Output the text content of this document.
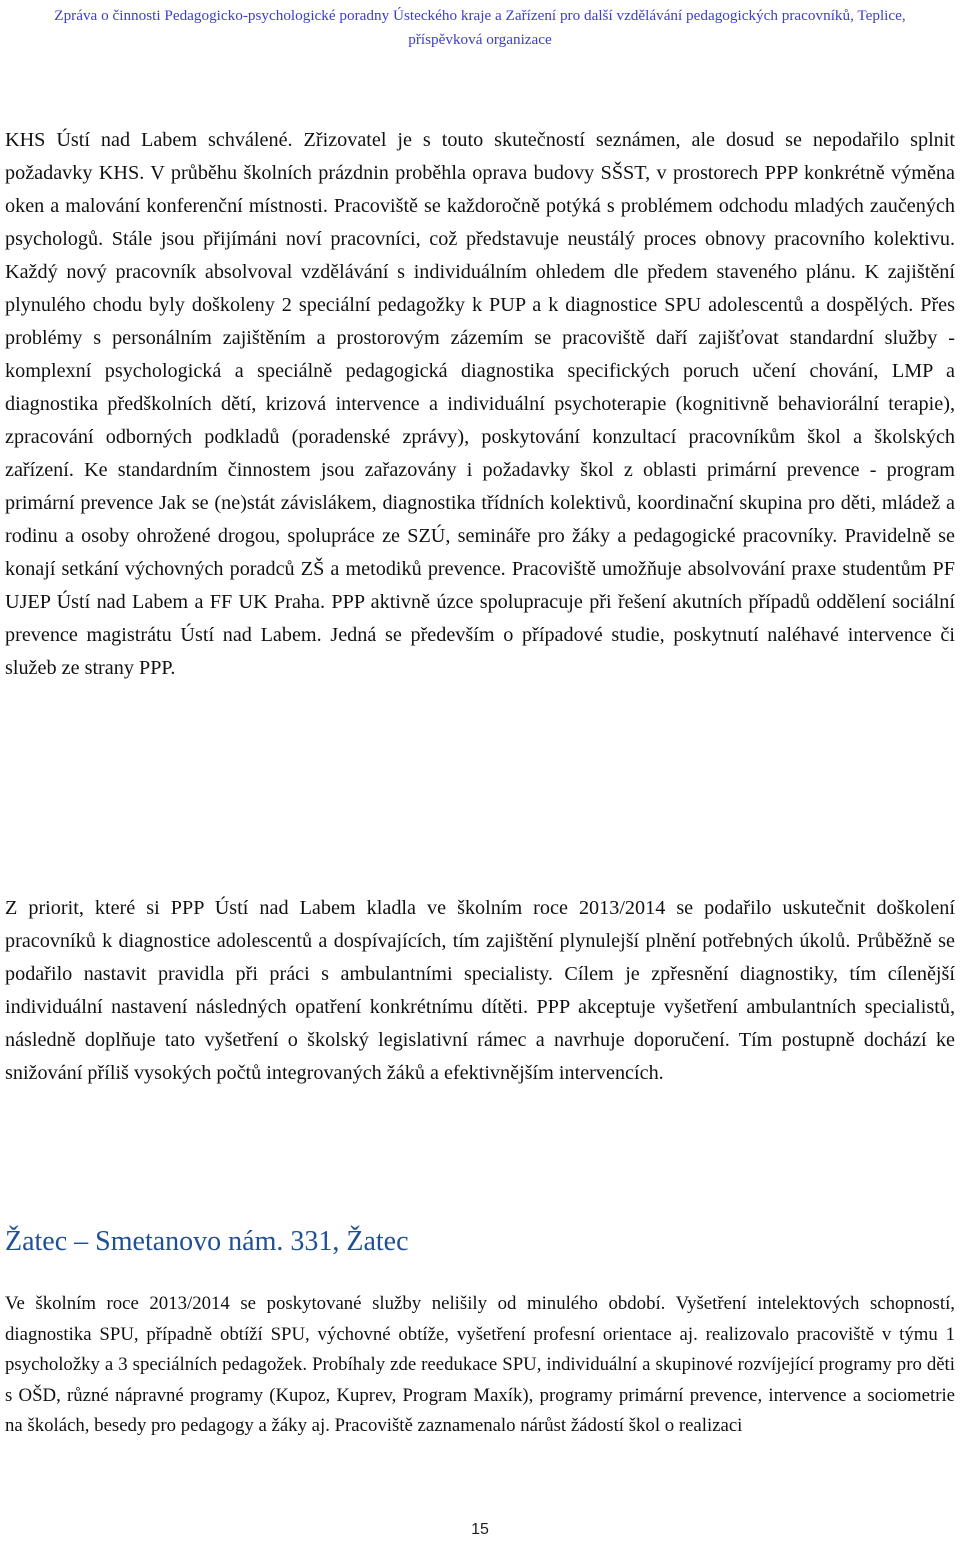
Zpráva o činnosti Pedagogicko-psychologické poradny Ústeckého kraje a Zařízení pro další vzdělávání pedagogických pracovníků, Teplice,
příspěvková organizace

KHS Ústí nad Labem schválené. Zřizovatel je s touto skutečností seznámen, ale dosud se nepodařilo splnit požadavky KHS. V průběhu školních prázdnin proběhla oprava budovy SŠST, v prostorech PPP konkrétně výměna oken a malování konferenční místnosti. Pracoviště se každoročně potýká s problémem odchodu mladých zaučených psychologů. Stále jsou přijímáni noví pracovníci, což představuje neustálý proces obnovy pracovního kolektivu. Každý nový pracovník absolvoval vzdělávání s individuálním ohledem dle předem staveného plánu. K zajištění plynulého chodu byly doškoleny 2 speciální pedagožky k PUP a k diagnostice SPU adolescentů a dospělých. Přes problémy s personálním zajištěním a prostorovým zázemím se pracoviště daří zajišťovat standardní služby - komplexní psychologická a speciálně pedagogická diagnostika specifických poruch učení chování, LMP a diagnostika předškolních dětí, krizová intervence a individuální psychoterapie (kognitivně behaviorální terapie), zpracování odborných podkladů (poradenské zprávy), poskytování konzultací pracovníkům škol a školských zařízení. Ke standardním činnostem jsou zařazovány i požadavky škol z oblasti primární prevence - program primární prevence Jak se (ne)stát závislákem, diagnostika třídních kolektivů, koordinační skupina pro děti, mládež a rodinu a osoby ohrožené drogou, spolupráce ze SZÚ, semináře pro žáky a pedagogické pracovníky. Pravidelně se konají setkání výchovných poradců ZŠ a metodiků prevence. Pracoviště umožňuje absolvování praxe studentům PF UJEP Ústí nad Labem a FF UK Praha. PPP aktivně úzce spolupracuje při řešení akutních případů oddělení sociální prevence magistrátu Ústí nad Labem. Jedná se především o případové studie, poskytnutí naléhavé intervence či služeb ze strany PPP.

Z priorit, které si PPP Ústí nad Labem kladla ve školním roce 2013/2014 se podařilo uskutečnit doškolení pracovníků k diagnostice adolescentů a dospívajících, tím zajištění plynulejší plnění potřebných úkolů. Průběžně se podařilo nastavit pravidla při práci s ambulantními specialisty. Cílem je zpřesnění diagnostiky, tím cílenější individuální nastavení následných opatření konkrétnímu dítěti. PPP akceptuje vyšetření ambulantních specialistů, následně doplňuje tato vyšetření o školský legislativní rámec a navrhuje doporučení. Tím postupně dochází ke snižování příliš vysokých počtů integrovaných žáků a efektivnějším intervencích.

Žatec – Smetanovo nám. 331, Žatec

Ve školním roce 2013/2014 se poskytované služby nelišily od minulého období. Vyšetření intelektových schopností, diagnostika SPU, případně obtíží SPU, výchovné obtíže, vyšetření profesní orientace aj. realizovalo pracoviště v týmu 1 psycholožky a 3 speciálních pedagožek. Probíhaly zde reedukace SPU, individuální a skupinové rozvíjející programy pro děti s OŠD, různé nápravné programy (Kupoz, Kuprev, Program Maxík), programy primární prevence, intervence a sociometrie na školách, besedy pro pedagogy a žáky aj. Pracoviště zaznamenalo nárůst žádostí škol o realizaci

15
